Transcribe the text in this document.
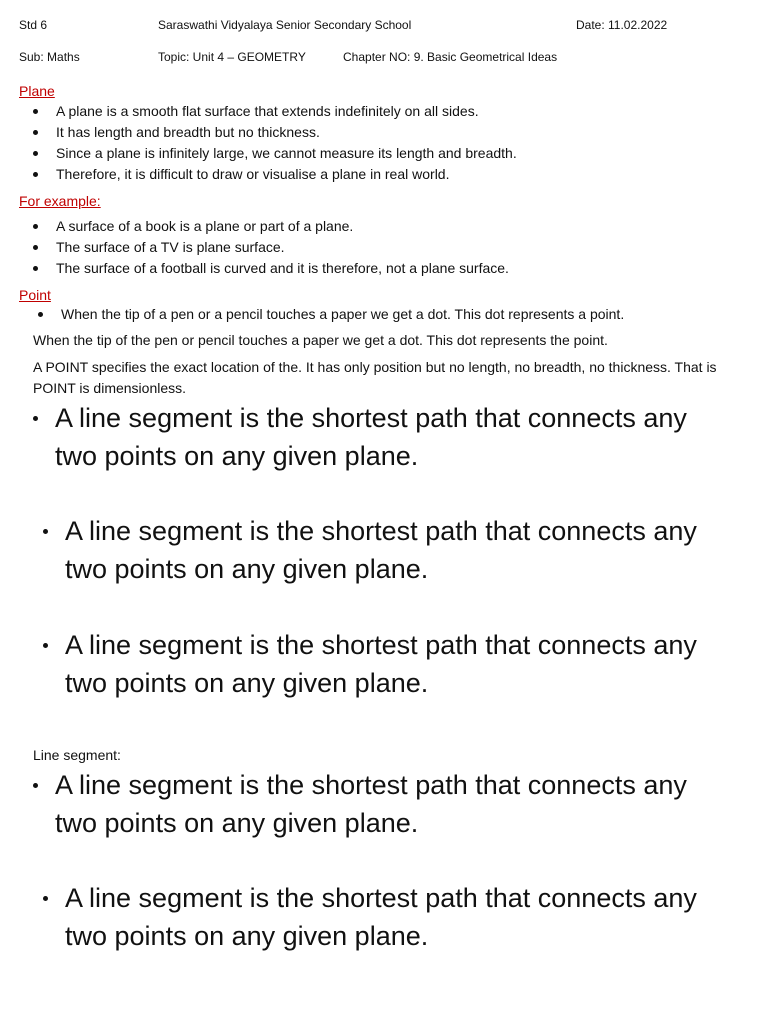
Std 6	Saraswathi Vidyalaya Senior Secondary School	Date: 11.02.2022
Sub: Maths	Topic: Unit 4 – GEOMETRY	Chapter NO: 9. Basic Geometrical Ideas
Plane
A plane is a smooth flat surface that extends indefinitely on all sides.
It has length and breadth but no thickness.
Since a plane is infinitely large, we cannot measure its length and breadth.
Therefore, it is difficult to draw or visualise a plane in real world.
For example:
A surface of a book is a plane or part of a plane.
The surface of a TV is plane surface.
The surface of a football is curved and it is therefore, not a plane surface.
Point
When the tip of a pen or a pencil touches a paper we get a dot. This dot represents a point.
When the tip of the pen or pencil touches a paper we get a dot. This dot represents the point.
A POINT specifies the exact location of the. It has only position but no length, no breadth, no thickness. That is POINT is dimensionless.
A line segment is the shortest path that connects any two points on any given plane.
A line segment is the shortest path that connects any two points on any given plane.
A line segment is the shortest path that connects any two points on any given plane.
Line segment:
A line segment is the shortest path that connects any two points on any given plane.
A line segment is the shortest path that connects any two points on any given plane.
